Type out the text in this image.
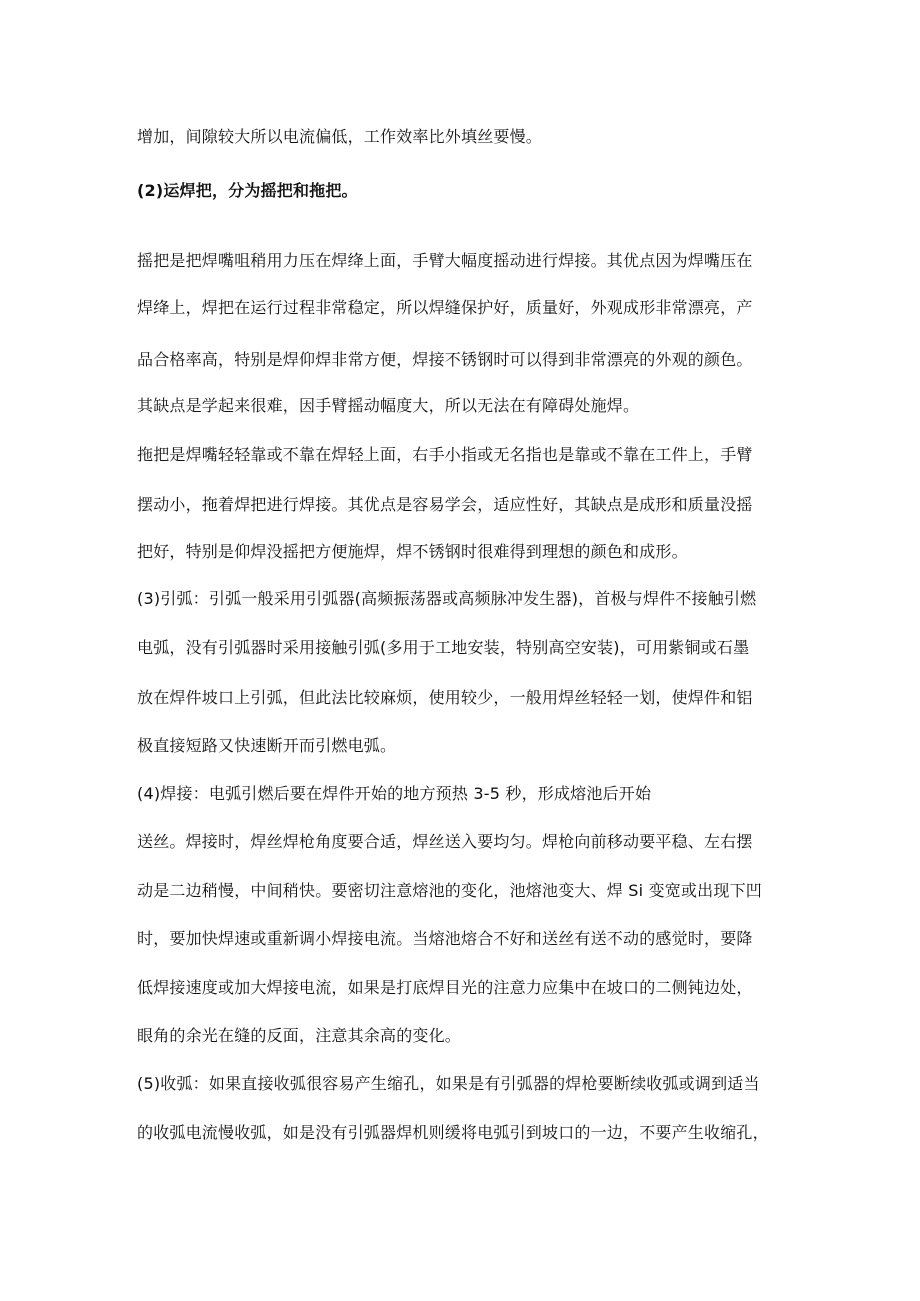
增加，间隙较大所以电流偏低，工作效率比外填丝要慢。
(2)运焊把，分为摇把和拖把。
摇把是把焊嘴咀稍用力压在焊绛上面，手臂大幅度摇动进行焊接。其优点因为焊嘴压在
焊绛上，焊把在运行过程非常稳定，所以焊缝保护好，质量好，外观成形非常漂亮，产
品合格率高，特别是焊仰焊非常方便，焊接不锈钢时可以得到非常漂亮的外观的颜色。
其缺点是学起来很难，因手臂摇动幅度大，所以无法在有障碍处施焊。
拖把是焊嘴轻轻靠或不靠在焊轻上面，右手小指或无名指也是靠或不靠在工件上，手臂
摆动小，拖着焊把进行焊接。其优点是容易学会，适应性好，其缺点是成形和质量没摇
把好，特别是仰焊没摇把方便施焊，焊不锈钢时很难得到理想的颜色和成形。
(3)引弧：引弧一般采用引弧器(高频振荡器或高频脉冲发生器)，首极与焊件不接触引燃
电弧，没有引弧器时采用接触引弧(多用于工地安装，特别高空安装)，可用紫铜或石墨
放在焊件坡口上引弧，但此法比较麻烦，使用较少，一般用焊丝轻轻一划，使焊件和铝
极直接短路又快速断开而引燃电弧。
(4)焊接：电弧引燃后要在焊件开始的地方预热 3-5 秒，形成熔池后开始
送丝。焊接时，焊丝焊枪角度要合适，焊丝送入要均匀。焊枪向前移动要平稳、左右摆
动是二边稍慢，中间稍快。要密切注意熔池的变化，池熔池变大、焊 Si 变宽或出现下凹
时，要加快焊速或重新调小焊接电流。当熔池熔合不好和送丝有送不动的感觉时，要降
低焊接速度或加大焊接电流，如果是打底焊目光的注意力应集中在坡口的二侧钝边处，
眼角的余光在缝的反面，注意其余高的变化。
(5)收弧：如果直接收弧很容易产生缩孔，如果是有引弧器的焊枪要断续收弧或调到适当
的收弧电流慢收弧，如是没有引弧器焊机则缓将电弧引到坡口的一边，不要产生收缩孔，
